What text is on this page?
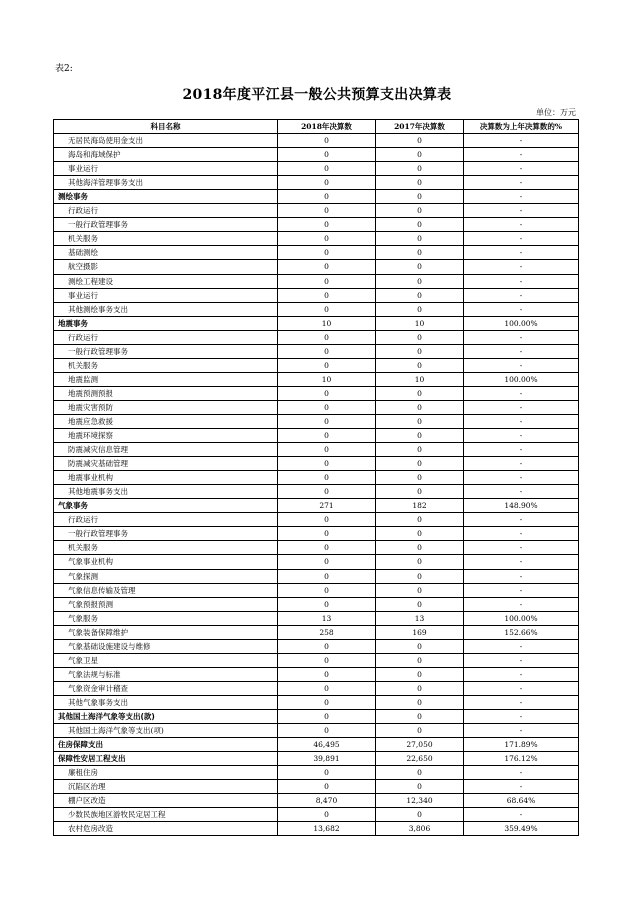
表2:
2018年度平江县一般公共预算支出决算表
单位：万元
科目名称	2018年决算数	2017年决算数	决算数为上年决算数的%
无居民海岛使用金支出	0	0	-
海岛和海域保护	0	0	-
事业运行	0	0	-
其他海洋管理事务支出	0	0	-
测绘事务	0	0	-
行政运行	0	0	-
一般行政管理事务	0	0	-
机关服务	0	0	-
基础测绘	0	0	-
航空摄影	0	0	-
测绘工程建设	0	0	-
事业运行	0	0	-
其他测绘事务支出	0	0	-
地震事务	10	10	100.00%
行政运行	0	0	-
一般行政管理事务	0	0	-
机关服务	0	0	-
地震监测	10	10	100.00%
地震预测预报	0	0	-
地震灾害预防	0	0	-
地震应急救援	0	0	-
地震环境探察	0	0	-
防震减灾信息管理	0	0	-
防震减灾基础管理	0	0	-
地震事业机构	0	0	-
其他地震事务支出	0	0	-
气象事务	271	182	148.90%
行政运行	0	0	-
一般行政管理事务	0	0	-
机关服务	0	0	-
气象事业机构	0	0	-
气象探测	0	0	-
气象信息传输及管理	0	0	-
气象预报预测	0	0	-
气象服务	13	13	100.00%
气象装备保障维护	258	169	152.66%
气象基础设施建设与维修	0	0	-
气象卫星	0	0	-
气象法规与标准	0	0	-
气象资金审计稽查	0	0	-
其他气象事务支出	0	0	-
其他国土海洋气象等支出(款)	0	0	-
其他国土海洋气象等支出(项)	0	0	-
住房保障支出	46,495	27,050	171.89%
保障性安居工程支出	39,891	22,650	176.12%
廉租住房	0	0	-
沉陷区治理	0	0	-
棚户区改造	8,470	12,340	68.64%
少数民族地区游牧民定居工程	0	0	-
农村危房改造	13,682	3,806	359.49%
